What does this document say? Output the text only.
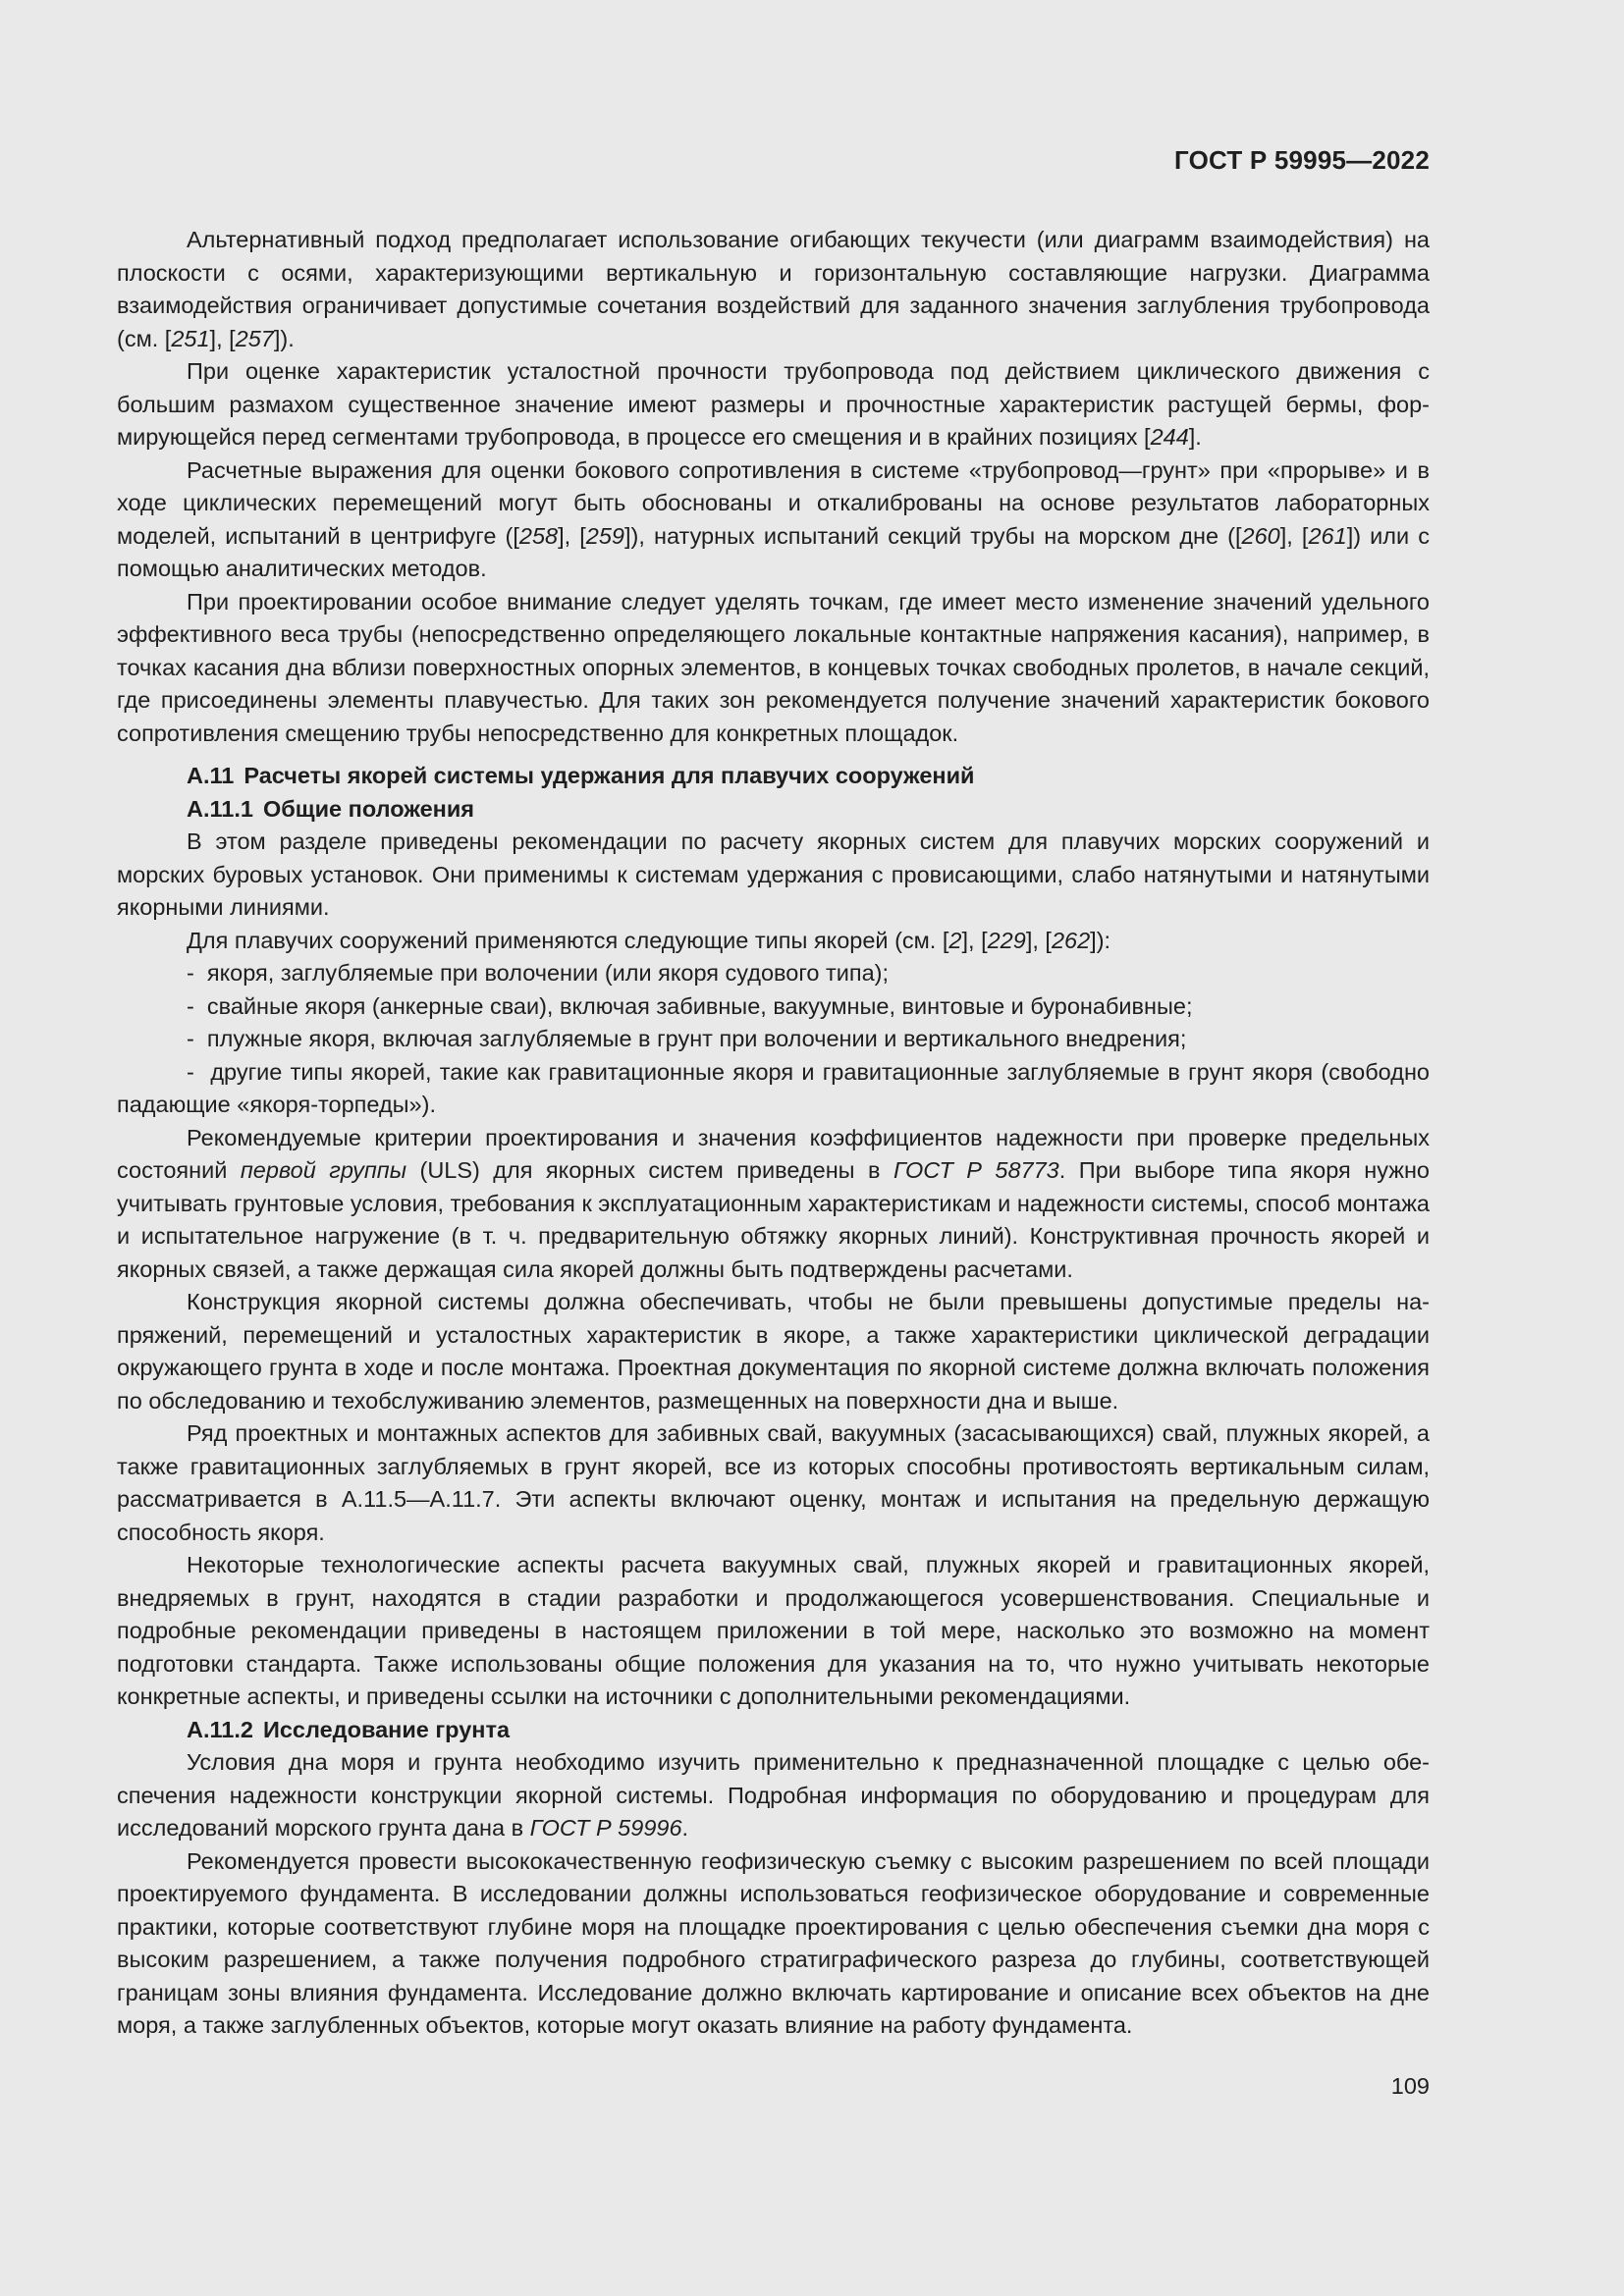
ГОСТ Р 59995—2022

Альтернативный подход предполагает использование огибающих текучести (или диаграмм взаимодействия) на плоскости с осями, характеризующими вертикальную и горизонтальную составляющие нагрузки. Диаграмма взаимодействия ограничивает допустимые сочетания воздействий для заданного значения заглубления трубопровода (см. [251], [257]).

При оценке характеристик усталостной прочности трубопровода под действием циклического движения с большим размахом существенное значение имеют размеры и прочностные характеристик растущей бермы, формирующейся перед сегментами трубопровода, в процессе его смещения и в крайних позициях [244].

Расчетные выражения для оценки бокового сопротивления в системе «трубопровод—грунт» при «прорыве» и в ходе циклических перемещений могут быть обоснованы и откалиброваны на основе результатов лабораторных моделей, испытаний в центрифуге ([258], [259]), натурных испытаний секций трубы на морском дне ([260], [261]) или с помощью аналитических методов.

При проектировании особое внимание следует уделять точкам, где имеет место изменение значений удельного эффективного веса трубы (непосредственно определяющего локальные контактные напряжения касания), например, в точках касания дна вблизи поверхностных опорных элементов, в концевых точках свободных пролетов, в начале секций, где присоединены элементы плавучестью. Для таких зон рекомендуется получение значений характеристик бокового сопротивления смещению трубы непосредственно для конкретных площадок.

А.11 Расчеты якорей системы удержания для плавучих сооружений
А.11.1 Общие положения

В этом разделе приведены рекомендации по расчету якорных систем для плавучих морских сооружений и морских буровых установок. Они применимы к системам удержания с провисающими, слабо натянутыми и натянутыми якорными линиями.

Для плавучих сооружений применяются следующие типы якорей (см. [2], [229], [262]):

-  якоря, заглубляемые при волочении (или якоря судового типа);

-  свайные якоря (анкерные сваи), включая забивные, вакуумные, винтовые и буронабивные;

-  плужные якоря, включая заглубляемые в грунт при волочении и вертикального внедрения;

-  другие типы якорей, такие как гравитационные якоря и гравитационные заглубляемые в грунт якоря (свободно падающие «якоря-торпеды»).

Рекомендуемые критерии проектирования и значения коэффициентов надежности при проверке предельных состояний первой группы (ULS) для якорных систем приведены в ГОСТ Р 58773. При выборе типа якоря нужно учитывать грунтовые условия, требования к эксплуатационным характеристикам и надежности системы, способ монтажа и испытательное нагружение (в т. ч. предварительную обтяжку якорных линий). Конструктивная прочность якорей и якорных связей, а также держащая сила якорей должны быть подтверждены расчетами.

Конструкция якорной системы должна обеспечивать, чтобы не были превышены допустимые пределы напряжений, перемещений и усталостных характеристик в якоре, а также характеристики циклической деградации окружающего грунта в ходе и после монтажа. Проектная документация по якорной системе должна включать положения по обследованию и техобслуживанию элементов, размещенных на поверхности дна и выше.

Ряд проектных и монтажных аспектов для забивных свай, вакуумных (засасывающихся) свай, плужных якорей, а также гравитационных заглубляемых в грунт якорей, все из которых способны противостоять вертикальным силам, рассматривается в А.11.5—А.11.7. Эти аспекты включают оценку, монтаж и испытания на предельную держащую способность якоря.

Некоторые технологические аспекты расчета вакуумных свай, плужных якорей и гравитационных якорей, внедряемых в грунт, находятся в стадии разработки и продолжающегося усовершенствования. Специальные и подробные рекомендации приведены в настоящем приложении в той мере, насколько это возможно на момент подготовки стандарта. Также использованы общие положения для указания на то, что нужно учитывать некоторые конкретные аспекты, и приведены ссылки на источники с дополнительными рекомендациями.

А.11.2 Исследование грунта

Условия дна моря и грунта необходимо изучить применительно к предназначенной площадке с целью обеспечения надежности конструкции якорной системы. Подробная информация по оборудованию и процедурам для исследований морского грунта дана в ГОСТ Р 59996.

Рекомендуется провести высококачественную геофизическую съемку с высоким разрешением по всей площади проектируемого фундамента. В исследовании должны использоваться геофизическое оборудование и современные практики, которые соответствуют глубине моря на площадке проектирования с целью обеспечения съемки дна моря с высоким разрешением, а также получения подробного стратиграфического разреза до глубины, соответствующей границам зоны влияния фундамента. Исследование должно включать картирование и описание всех объектов на дне моря, а также заглубленных объектов, которые могут оказать влияние на работу фундамента.

109
